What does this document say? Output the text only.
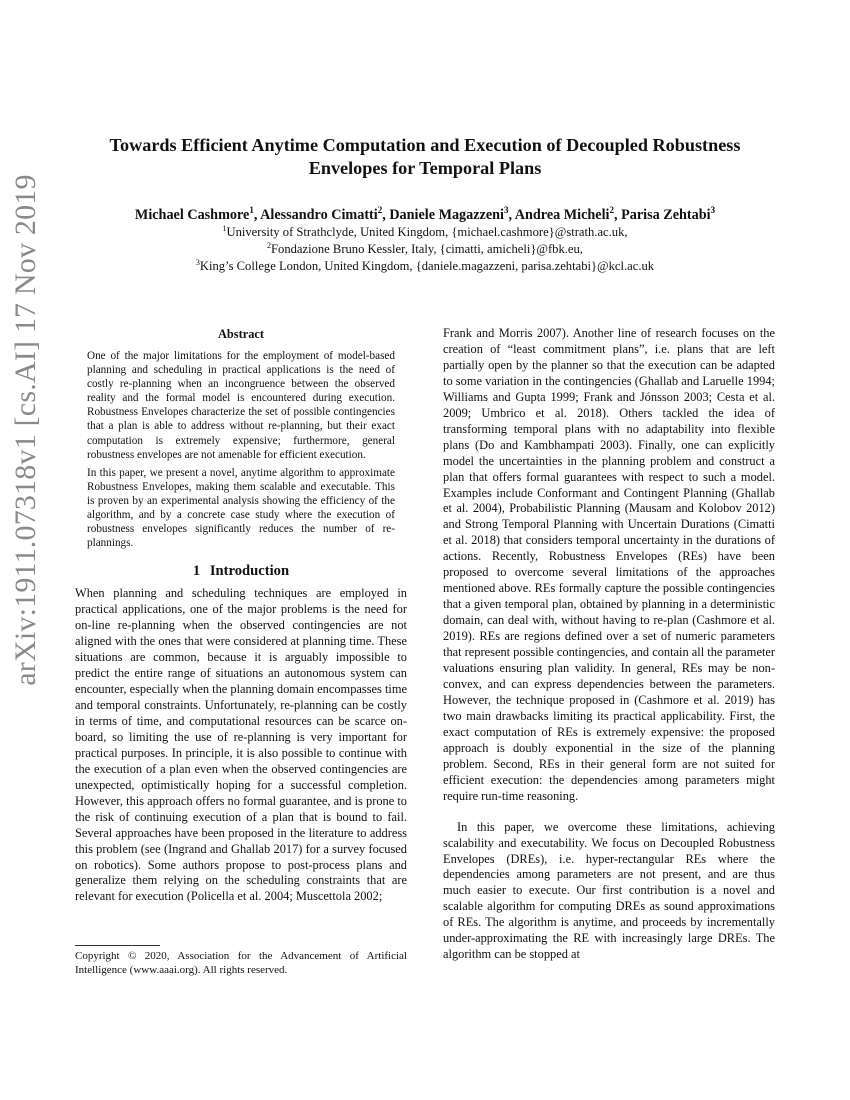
arXiv:1911.07318v1 [cs.AI] 17 Nov 2019
Towards Efficient Anytime Computation and Execution of Decoupled Robustness Envelopes for Temporal Plans
Michael Cashmore$^1$, Alessandro Cimatti$^2$, Daniele Magazzeni$^3$, Andrea Micheli$^2$, Parisa Zehtabi$^3$
$^1$University of Strathclyde, United Kingdom, {michael.cashmore}@strath.ac.uk,
$^2$Fondazione Bruno Kessler, Italy, {cimatti, amicheli}@fbk.eu,
$^3$King’s College London, United Kingdom, {daniele.magazzeni, parisa.zehtabi}@kcl.ac.uk
Abstract

One of the major limitations for the employment of model-based planning and scheduling in practical applications is the need of costly re-planning when an incongruence between the observed reality and the formal model is encountered during execution. Robustness Envelopes characterize the set of possible contingencies that a plan is able to address without re-planning, but their exact computation is extremely expensive; furthermore, general robustness envelopes are not amenable for efficient execution.

In this paper, we present a novel, anytime algorithm to approximate Robustness Envelopes, making them scalable and executable. This is proven by an experimental analysis showing the efficiency of the algorithm, and by a concrete case study where the execution of robustness envelopes significantly reduces the number of re-plannings.

1 Introduction

When planning and scheduling techniques are employed in practical applications, one of the major problems is the need for on-line re-planning when the observed contingencies are not aligned with the ones that were considered at planning time. These situations are common, because it is arguably impossible to predict the entire range of situations an autonomous system can encounter, especially when the planning domain encompasses time and temporal constraints. Unfortunately, re-planning can be costly in terms of time, and computational resources can be scarce on-board, so limiting the use of re-planning is very important for practical purposes. In principle, it is also possible to continue with the execution of a plan even when the observed contingencies are unexpected, optimistically hoping for a successful completion. However, this approach offers no formal guarantee, and is prone to the risk of continuing execution of a plan that is bound to fail. Several approaches have been proposed in the literature to address this problem (see (Ingrand and Ghallab 2017) for a survey focused on robotics). Some authors propose to post-process plans and generalize them relying on the scheduling constraints that are relevant for execution (Policella et al. 2004; Muscettola 2002;

Frank and Morris 2007). Another line of research focuses on the creation of “least commitment plans”, i.e. plans that are left partially open by the planner so that the execution can be adapted to some variation in the contingencies (Ghallab and Laruelle 1994; Williams and Gupta 1999; Frank and Jónsson 2003; Cesta et al. 2009; Umbrico et al. 2018). Others tackled the idea of transforming temporal plans with no adaptability into flexible plans (Do and Kambhampati 2003). Finally, one can explicitly model the uncertainties in the planning problem and construct a plan that offers formal guarantees with respect to such a model. Examples include Conformant and Contingent Planning (Ghallab et al. 2004), Probabilistic Planning (Mausam and Kolobov 2012) and Strong Temporal Planning with Uncertain Durations (Cimatti et al. 2018) that considers temporal uncertainty in the durations of actions. Recently, Robustness Envelopes (REs) have been proposed to overcome several limitations of the approaches mentioned above. REs formally capture the possible contingencies that a given temporal plan, obtained by planning in a deterministic domain, can deal with, without having to re-plan (Cashmore et al. 2019). REs are regions defined over a set of numeric parameters that represent possible contingencies, and contain all the parameter valuations ensuring plan validity. In general, REs may be non-convex, and can express dependencies between the parameters. However, the technique proposed in (Cashmore et al. 2019) has two main drawbacks limiting its practical applicability. First, the exact computation of REs is extremely expensive: the proposed approach is doubly exponential in the size of the planning problem. Second, REs in their general form are not suited for efficient execution: the dependencies among parameters might require run-time reasoning.

In this paper, we overcome these limitations, achieving scalability and executability. We focus on Decoupled Robustness Envelopes (DREs), i.e. hyper-rectangular REs where the dependencies among parameters are not present, and are thus much easier to execute. Our first contribution is a novel and scalable algorithm for computing DREs as sound approximations of REs. The algorithm is anytime, and proceeds by incrementally under-approximating the RE with increasingly large DREs. The algorithm can be stopped at

Copyright © 2020, Association for the Advancement of Artificial Intelligence (www.aaai.org). All rights reserved.
